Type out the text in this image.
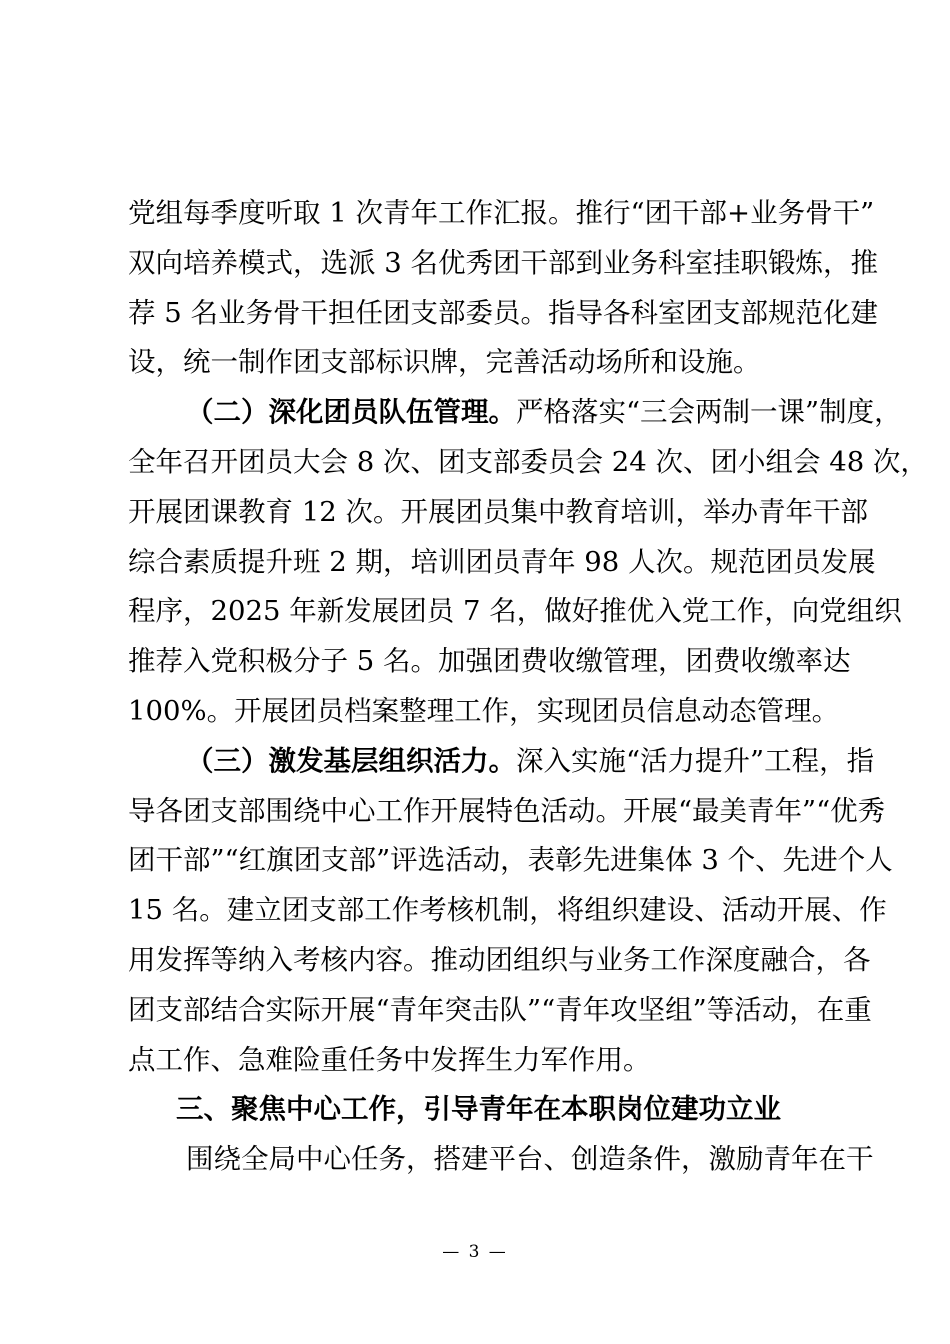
党组每季度听取 1 次青年工作汇报。推行“团干部+业务骨干”
双向培养模式，选派 3 名优秀团干部到业务科室挂职锻炼，推
荐 5 名业务骨干担任团支部委员。指导各科室团支部规范化建
设，统一制作团支部标识牌，完善活动场所和设施。
（二）深化团员队伍管理。严格落实“三会两制一课”制度，
全年召开团员大会 8 次、团支部委员会 24 次、团小组会 48 次，
开展团课教育 12 次。开展团员集中教育培训，举办青年干部
综合素质提升班 2 期，培训团员青年 98 人次。规范团员发展
程序，2025 年新发展团员 7 名，做好推优入党工作，向党组织
推荐入党积极分子 5 名。加强团费收缴管理，团费收缴率达
100%。开展团员档案整理工作，实现团员信息动态管理。
（三）激发基层组织活力。深入实施“活力提升”工程，指
导各团支部围绕中心工作开展特色活动。开展“最美青年”“优秀
团干部”“红旗团支部”评选活动，表彰先进集体 3 个、先进个人
15 名。建立团支部工作考核机制，将组织建设、活动开展、作
用发挥等纳入考核内容。推动团组织与业务工作深度融合，各
团支部结合实际开展“青年突击队”“青年攻坚组”等活动，在重
点工作、急难险重任务中发挥生力军作用。
三、聚焦中心工作，引导青年在本职岗位建功立业
围绕全局中心任务，搭建平台、创造条件，激励青年在干
— 3 —
